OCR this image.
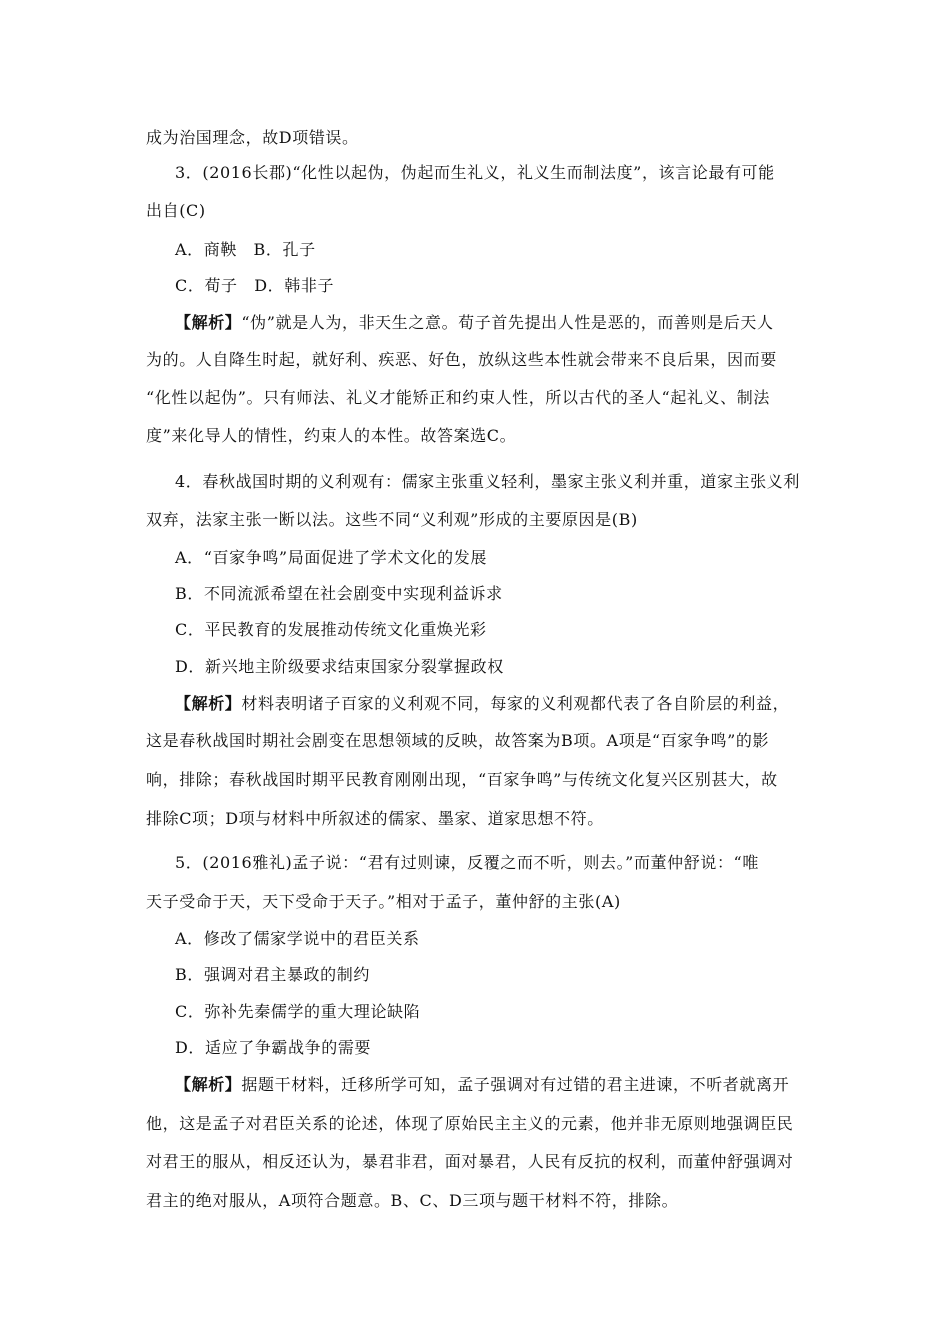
成为治国理念，故D项错误。
3．(2016长郡)“化性以起伪，伪起而生礼义，礼义生而制法度”，该言论最有可能
出自(C)
A．商鞅　B．孔子
C．荀子　D．韩非子
【解析】“伪”就是人为，非天生之意。荀子首先提出人性是恶的，而善则是后天人
为的。人自降生时起，就好利、疾恶、好色，放纵这些本性就会带来不良后果，因而要
“化性以起伪”。只有师法、礼义才能矫正和约束人性，所以古代的圣人“起礼义、制法
度”来化导人的情性，约束人的本性。故答案选C。
4．春秋战国时期的义利观有：儒家主张重义轻利，墨家主张义利并重，道家主张义利
双弃，法家主张一断以法。这些不同“义利观”形成的主要原因是(B)
A．“百家争鸣”局面促进了学术文化的发展
B．不同流派希望在社会剧变中实现利益诉求
C．平民教育的发展推动传统文化重焕光彩
D．新兴地主阶级要求结束国家分裂掌握政权
【解析】材料表明诸子百家的义利观不同，每家的义利观都代表了各自阶层的利益，
这是春秋战国时期社会剧变在思想领域的反映，故答案为B项。A项是“百家争鸣”的影
响，排除；春秋战国时期平民教育刚刚出现，“百家争鸣”与传统文化复兴区别甚大，故
排除C项；D项与材料中所叙述的儒家、墨家、道家思想不符。
5．(2016雅礼)孟子说：“君有过则谏，反覆之而不听，则去。”而董仲舒说：“唯
天子受命于天，天下受命于天子。”相对于孟子，董仲舒的主张(A)
A．修改了儒家学说中的君臣关系
B．强调对君主暴政的制约
C．弥补先秦儒学的重大理论缺陷
D．适应了争霸战争的需要
【解析】据题干材料，迁移所学可知，孟子强调对有过错的君主进谏，不听者就离开
他，这是孟子对君臣关系的论述，体现了原始民主主义的元素，他并非无原则地强调臣民
对君王的服从，相反还认为，暴君非君，面对暴君，人民有反抗的权利，而董仲舒强调对
君主的绝对服从，A项符合题意。B、C、D三项与题干材料不符，排除。
